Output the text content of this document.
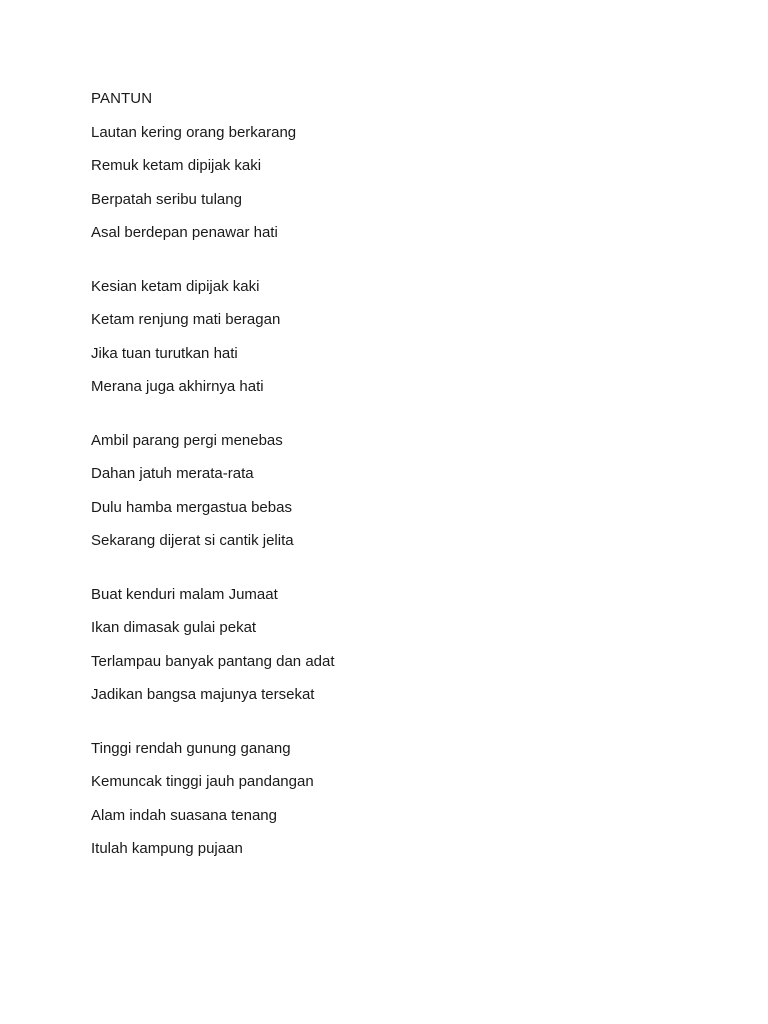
PANTUN
Lautan kering orang berkarang
Remuk ketam dipijak kaki
Berpatah seribu tulang
Asal berdepan penawar hati
Kesian ketam dipijak kaki
Ketam renjung mati beragan
Jika tuan turutkan hati
Merana juga akhirnya hati
Ambil parang pergi menebas
Dahan jatuh merata-rata
Dulu hamba mergastua bebas
Sekarang dijerat si cantik jelita
Buat kenduri malam Jumaat
Ikan dimasak gulai pekat
Terlampau banyak pantang dan adat
Jadikan bangsa majunya tersekat
Tinggi rendah gunung ganang
Kemuncak tinggi jauh pandangan
Alam indah suasana tenang
Itulah kampung pujaan
